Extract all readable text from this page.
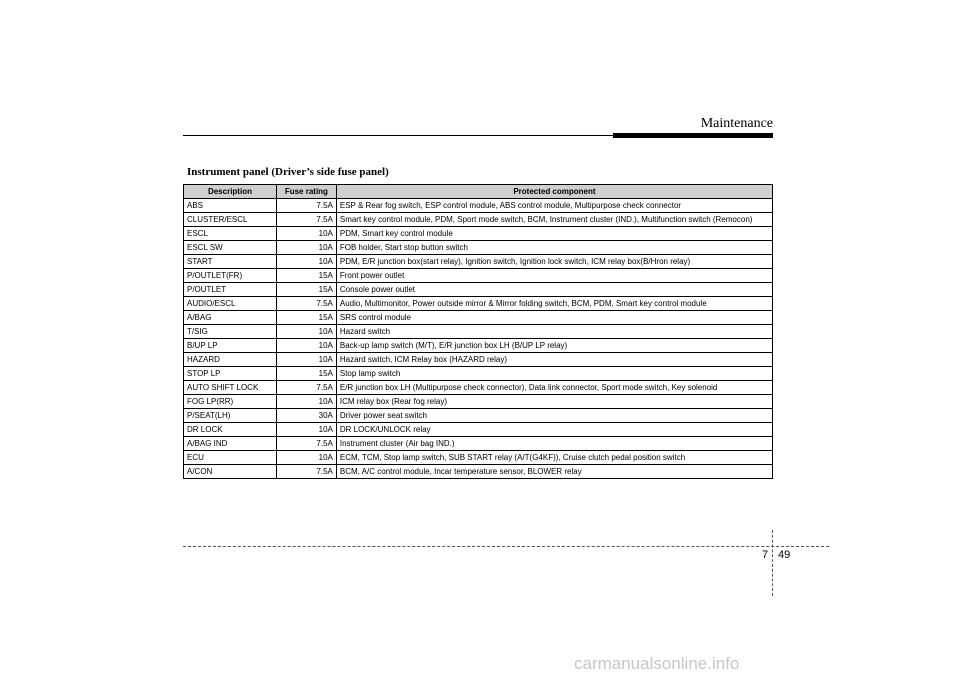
Maintenance
Instrument panel (Driver’s side fuse panel)
Description	Fuse rating	Protected component
ABS	7.5A	ESP & Rear fog switch, ESP control module, ABS control module, Multipurpose check connector
CLUSTER/ESCL	7.5A	Smart key control module, PDM, Sport mode switch, BCM, Instrument cluster (IND.), Multifunction switch (Remocon)
ESCL	10A	PDM, Smart key control module
ESCL SW	10A	FOB holder, Start stop button switch
START	10A	PDM, E/R junction box(start relay), Ignition switch, Ignition lock switch, ICM relay box(B/Hron relay)
P/OUTLET(FR)	15A	Front power outlet
P/OUTLET	15A	Console power outlet
AUDIO/ESCL	7.5A	Audio, Multimonitor, Power outside mirror & Mirror folding switch, BCM, PDM, Smart key control module
A/BAG	15A	SRS control module
T/SIG	10A	Hazard switch
B/UP LP	10A	Back-up lamp switch (M/T), E/R junction box LH (B/UP LP relay)
HAZARD	10A	Hazard switch, ICM Relay box (HAZARD relay)
STOP LP	15A	Stop lamp switch
AUTO SHIFT LOCK	7.5A	E/R junction box LH (Multipurpose check connector), Data link connector, Sport mode switch, Key solenoid
FOG LP(RR)	10A	ICM relay box (Rear fog relay)
P/SEAT(LH)	30A	Driver power seat switch
DR LOCK	10A	DR LOCK/UNLOCK relay
A/BAG IND	7.5A	Instrument cluster (Air bag IND.)
ECU	10A	ECM, TCM, Stop lamp switch, SUB START relay (A/T(G4KF)), Cruise clutch pedal position switch
A/CON	7.5A	BCM, A/C control module, Incar temperature sensor, BLOWER relay
7 49
carmanualsonline.info
